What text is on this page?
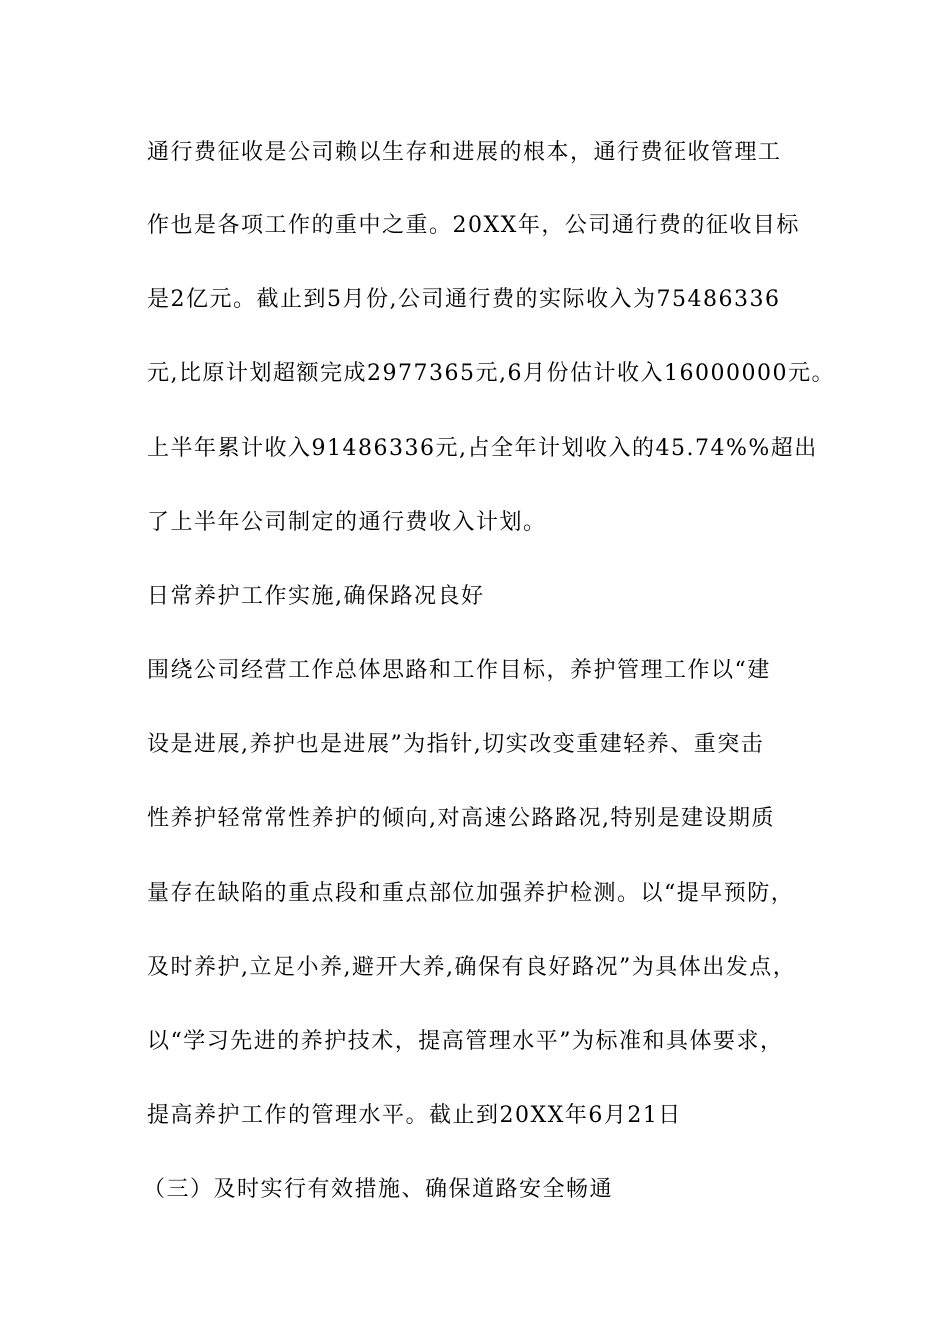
通行费征收是公司赖以生存和进展的根本，通行费征收管理工
作也是各项工作的重中之重。20XX年，公司通行费的征收目标
是2亿元。截止到5月份,公司通行费的实际收入为75486336
元,比原计划超额完成2977365元,6月份估计收入16000000元。
上半年累计收入91486336元,占全年计划收入的45.74%%超出
了上半年公司制定的通行费收入计划。
日常养护工作实施,确保路况良好
围绕公司经营工作总体思路和工作目标，养护管理工作以“建
设是进展,养护也是进展”为指针,切实改变重建轻养、重突击
性养护轻常常性养护的倾向,对高速公路路况,特别是建设期质
量存在缺陷的重点段和重点部位加强养护检测。以“提早预防，
及时养护,立足小养,避开大养,确保有良好路况”为具体出发点，
以“学习先进的养护技术，提高管理水平”为标准和具体要求，
提高养护工作的管理水平。截止到20XX年6月21日
（三）及时实行有效措施、确保道路安全畅通
